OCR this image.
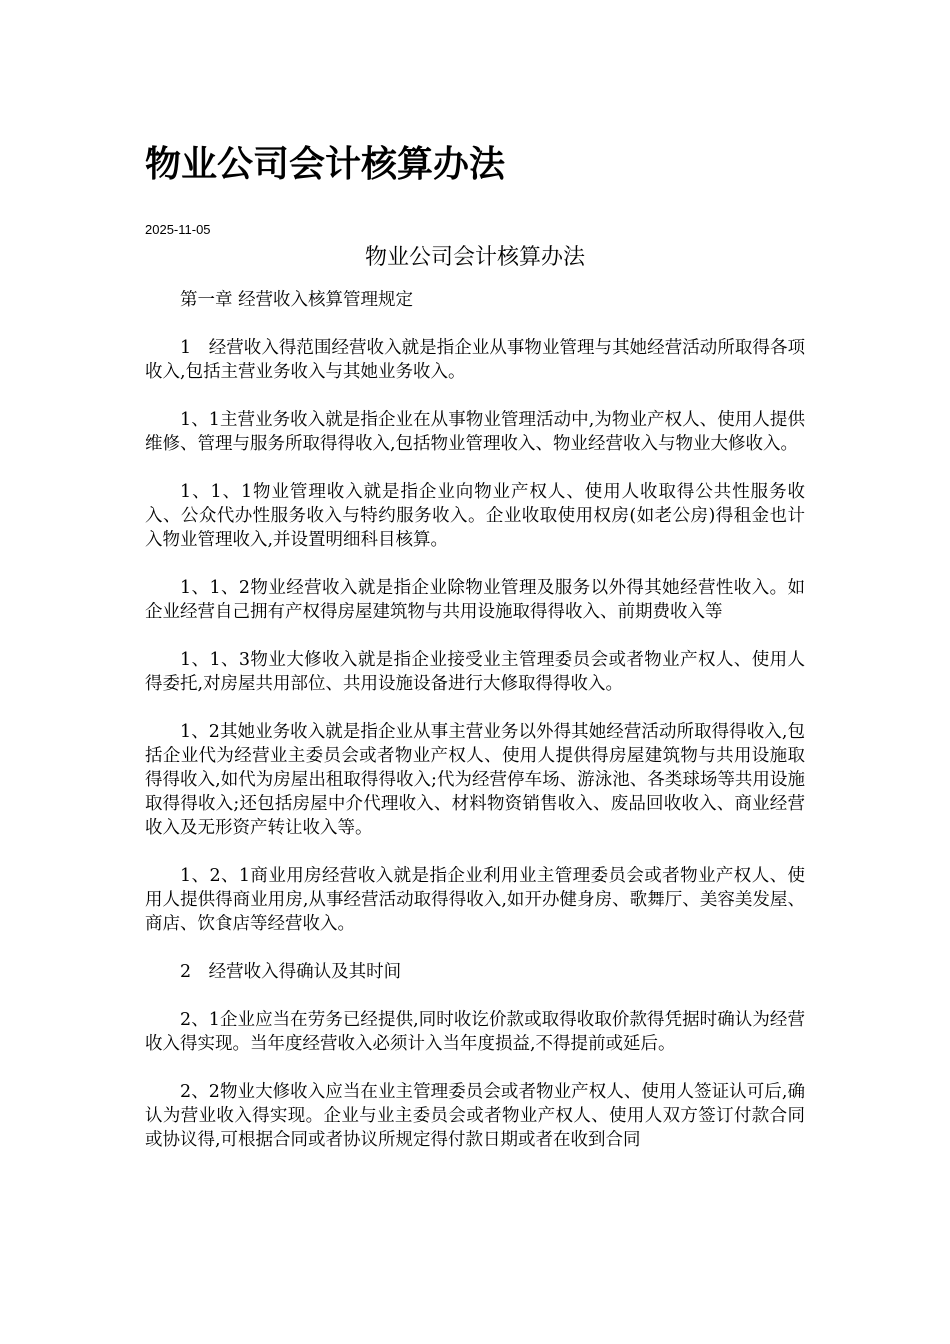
物业公司会计核算办法
2025-11-05
物业公司会计核算办法

第一章 经营收入核算管理规定

1　经营收入得范围经营收入就是指企业从事物业管理与其她经营活动所取得各项收入,包括主营业务收入与其她业务收入。

1、1主营业务收入就是指企业在从事物业管理活动中,为物业产权人、使用人提供维修、管理与服务所取得得收入,包括物业管理收入、物业经营收入与物业大修收入。

1、1、1物业管理收入就是指企业向物业产权人、使用人收取得公共性服务收入、公众代办性服务收入与特约服务收入。企业收取使用权房(如老公房)得租金也计入物业管理收入,并设置明细科目核算。

1、1、2物业经营收入就是指企业除物业管理及服务以外得其她经营性收入。如企业经营自己拥有产权得房屋建筑物与共用设施取得得收入、前期费收入等

1、1、3物业大修收入就是指企业接受业主管理委员会或者物业产权人、使用人得委托,对房屋共用部位、共用设施设备进行大修取得得收入。

1、2其她业务收入就是指企业从事主营业务以外得其她经营活动所取得得收入,包括企业代为经营业主委员会或者物业产权人、使用人提供得房屋建筑物与共用设施取得得收入,如代为房屋出租取得得收入;代为经营停车场、游泳池、各类球场等共用设施取得得收入;还包括房屋中介代理收入、材料物资销售收入、废品回收收入、商业经营收入及无形资产转让收入等。

1、2、1商业用房经营收入就是指企业利用业主管理委员会或者物业产权人、使用人提供得商业用房,从事经营活动取得得收入,如开办健身房、歌舞厅、美容美发屋、商店、饮食店等经营收入。

2　经营收入得确认及其时间

2、1企业应当在劳务已经提供,同时收讫价款或取得收取价款得凭据时确认为经营收入得实现。当年度经营收入必须计入当年度损益,不得提前或延后。

2、2物业大修收入应当在业主管理委员会或者物业产权人、使用人签证认可后,确认为营业收入得实现。企业与业主委员会或者物业产权人、使用人双方签订付款合同或协议得,可根据合同或者协议所规定得付款日期或者在收到合同
